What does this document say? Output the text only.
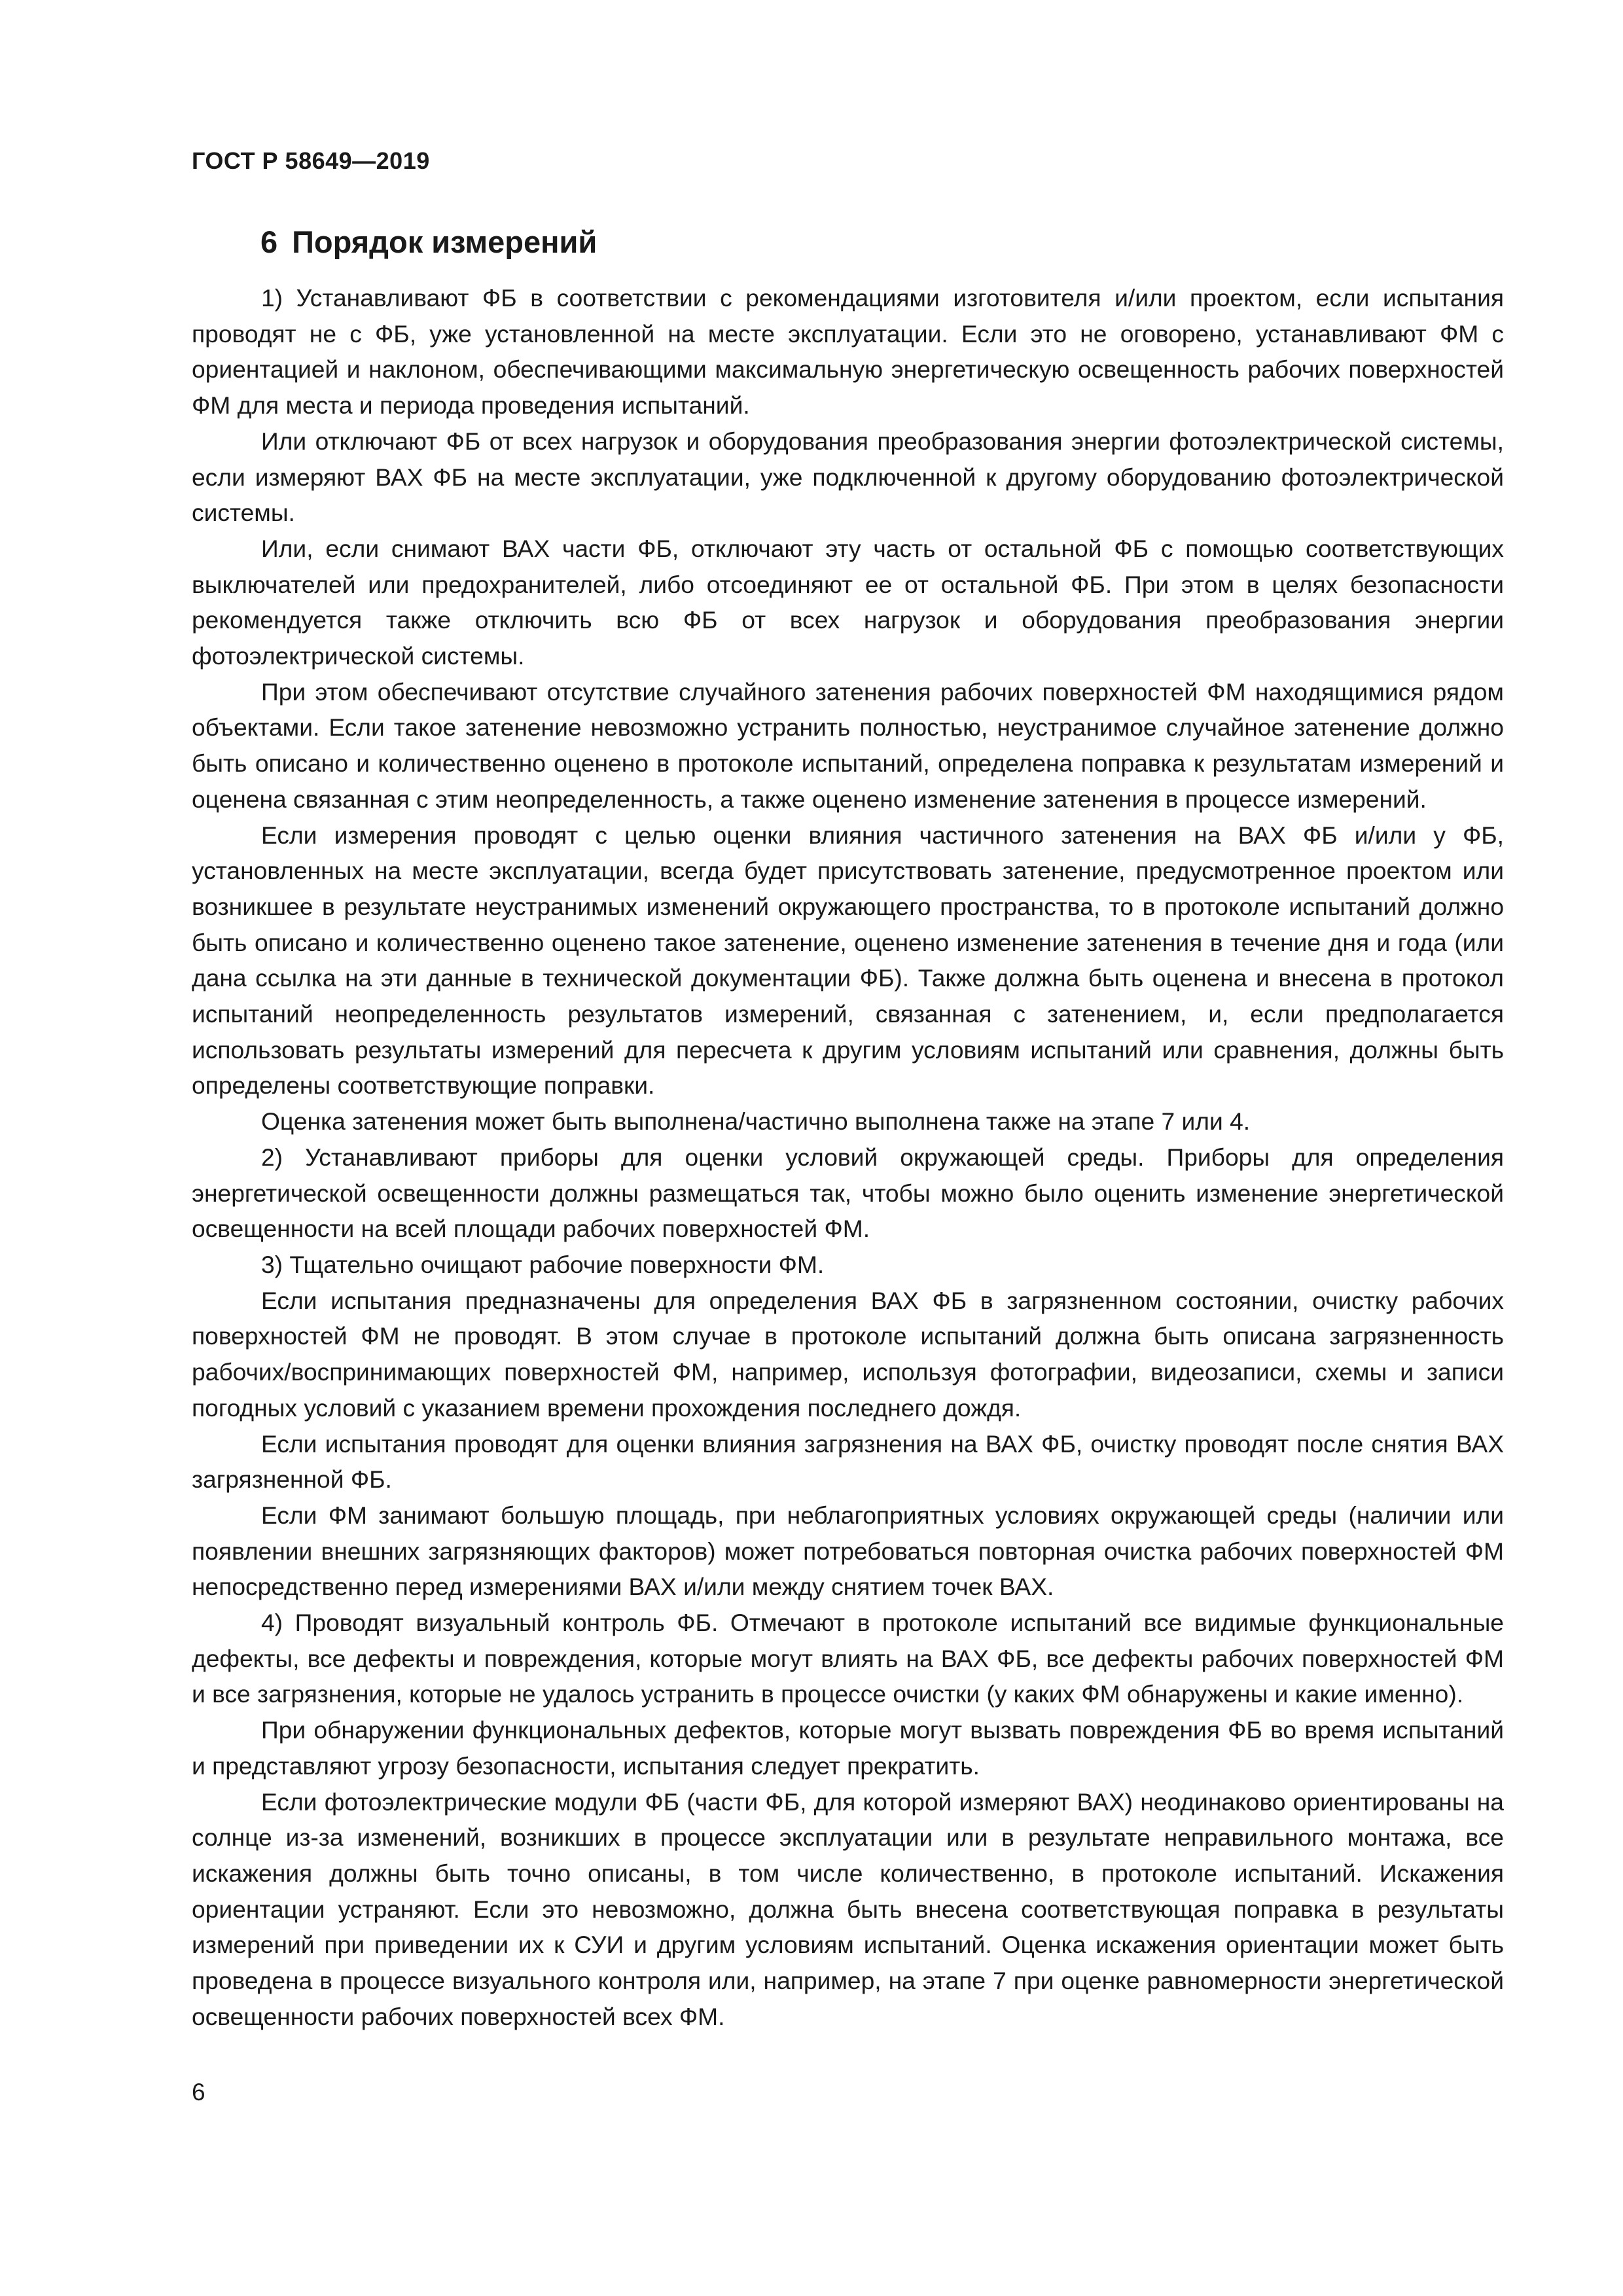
ГОСТ Р 58649—2019
6 Порядок измерений

1) Устанавливают ФБ в соответствии с рекомендациями изготовителя и/или проектом, если испытания проводят не с ФБ, уже установленной на месте эксплуатации. Если это не оговорено, устанавливают ФМ с ориентацией и наклоном, обеспечивающими максимальную энергетическую освещенность рабочих поверхностей ФМ для места и периода проведения испытаний.

Или отключают ФБ от всех нагрузок и оборудования преобразования энергии фотоэлектрической системы, если измеряют ВАХ ФБ на месте эксплуатации, уже подключенной к другому оборудованию фотоэлектрической системы.

Или, если снимают ВАХ части ФБ, отключают эту часть от остальной ФБ с помощью соответствующих выключателей или предохранителей, либо отсоединяют ее от остальной ФБ. При этом в целях безопасности рекомендуется также отключить всю ФБ от всех нагрузок и оборудования преобразования энергии фотоэлектрической системы.

При этом обеспечивают отсутствие случайного затенения рабочих поверхностей ФМ находящимися рядом объектами. Если такое затенение невозможно устранить полностью, неустранимое случайное затенение должно быть описано и количественно оценено в протоколе испытаний, определена поправка к результатам измерений и оценена связанная с этим неопределенность, а также оценено изменение затенения в процессе измерений.

Если измерения проводят с целью оценки влияния частичного затенения на ВАХ ФБ и/или у ФБ, установленных на месте эксплуатации, всегда будет присутствовать затенение, предусмотренное проектом или возникшее в результате неустранимых изменений окружающего пространства, то в протоколе испытаний должно быть описано и количественно оценено такое затенение, оценено изменение затенения в течение дня и года (или дана ссылка на эти данные в технической документации ФБ). Также должна быть оценена и внесена в протокол испытаний неопределенность результатов измерений, связанная с затенением, и, если предполагается использовать результаты измерений для пересчета к другим условиям испытаний или сравнения, должны быть определены соответствующие поправки.

Оценка затенения может быть выполнена/частично выполнена также на этапе 7 или 4.

2) Устанавливают приборы для оценки условий окружающей среды. Приборы для определения энергетической освещенности должны размещаться так, чтобы можно было оценить изменение энергетической освещенности на всей площади рабочих поверхностей ФМ.

3) Тщательно очищают рабочие поверхности ФМ.

Если испытания предназначены для определения ВАХ ФБ в загрязненном состоянии, очистку рабочих поверхностей ФМ не проводят. В этом случае в протоколе испытаний должна быть описана загрязненность рабочих/воспринимающих поверхностей ФМ, например, используя фотографии, видеозаписи, схемы и записи погодных условий с указанием времени прохождения последнего дождя.

Если испытания проводят для оценки влияния загрязнения на ВАХ ФБ, очистку проводят после снятия ВАХ загрязненной ФБ.

Если ФМ занимают большую площадь, при неблагоприятных условиях окружающей среды (наличии или появлении внешних загрязняющих факторов) может потребоваться повторная очистка рабочих поверхностей ФМ непосредственно перед измерениями ВАХ и/или между снятием точек ВАХ.

4) Проводят визуальный контроль ФБ. Отмечают в протоколе испытаний все видимые функциональные дефекты, все дефекты и повреждения, которые могут влиять на ВАХ ФБ, все дефекты рабочих поверхностей ФМ и все загрязнения, которые не удалось устранить в процессе очистки (у каких ФМ обнаружены и какие именно).

При обнаружении функциональных дефектов, которые могут вызвать повреждения ФБ во время испытаний и представляют угрозу безопасности, испытания следует прекратить.

Если фотоэлектрические модули ФБ (части ФБ, для которой измеряют ВАХ) неодинаково ориентированы на солнце из-за изменений, возникших в процессе эксплуатации или в результате неправильного монтажа, все искажения должны быть точно описаны, в том числе количественно, в протоколе испытаний. Искажения ориентации устраняют. Если это невозможно, должна быть внесена соответствующая поправка в результаты измерений при приведении их к СУИ и другим условиям испытаний. Оценка искажения ориентации может быть проведена в процессе визуального контроля или, например, на этапе 7 при оценке равномерности энергетической освещенности рабочих поверхностей всех ФМ.

6
